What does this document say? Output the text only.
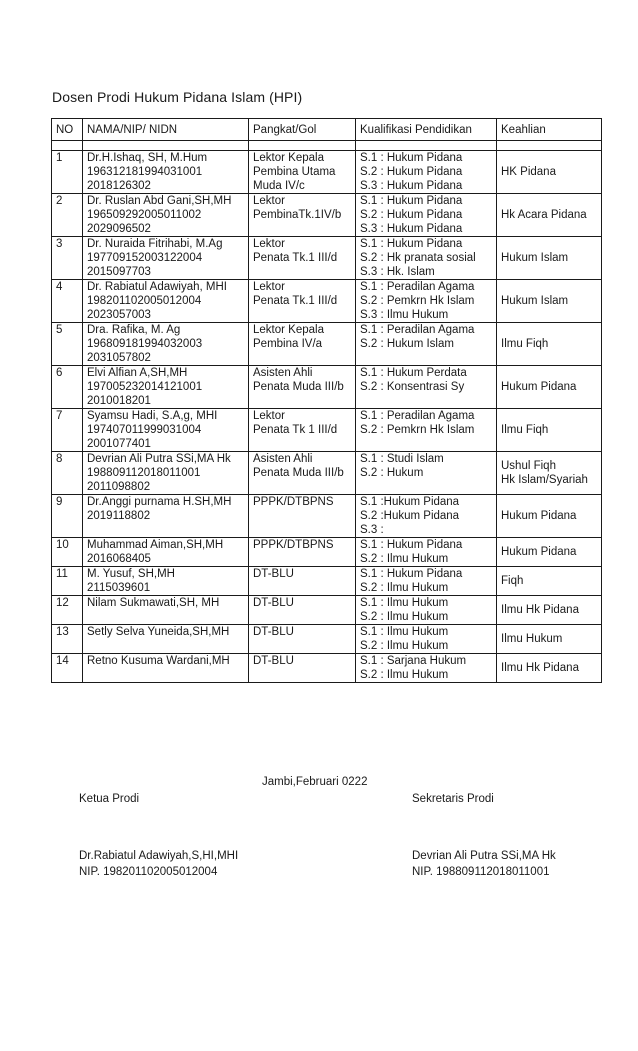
Dosen Prodi Hukum Pidana Islam (HPI)
NO	NAMA/NIP/ NIDN	Pangkat/Gol	Kualifikasi Pendidikan	Keahlian

1	Dr.H.Ishaq, SH, M.Hum
196312181994031001
2018126302	Lektor Kepala
Pembina Utama
Muda IV/c	S.1 : Hukum Pidana
S.2 : Hukum Pidana
S.3 : Hukum Pidana	HK Pidana

2	Dr. Ruslan Abd Gani,SH,MH
196509292005011002
2029096502	Lektor
PembinaTk.1IV/b	S.1 : Hukum Pidana
S.2 : Hukum Pidana
S.3 : Hukum Pidana	Hk Acara Pidana

3	Dr. Nuraida Fitrihabi, M.Ag
197709152003122004
2015097703	Lektor
Penata Tk.1 III/d	S.1 : Hukum Pidana
S.2 : Hk pranata sosial
S.3 : Hk. Islam	Hukum Islam

4	Dr. Rabiatul Adawiyah, MHI
198201102005012004
2023057003	Lektor
Penata Tk.1 III/d	S.1 : Peradilan Agama
S.2 : Pemkrn Hk Islam
S.3 : Ilmu Hukum	Hukum Islam

5	Dra. Rafika, M. Ag
196809181994032003
2031057802	Lektor Kepala
Pembina IV/a	S.1 : Peradilan Agama
S.2 : Hukum Islam	Ilmu Fiqh

6	Elvi Alfian A,SH,MH
197005232014121001
2010018201	Asisten Ahli
Penata Muda III/b	S.1 : Hukum Perdata
S.2 : Konsentrasi Sy	Hukum Pidana

7	Syamsu Hadi, S.A,g, MHI
197407011999031004
2001077401	Lektor
Penata Tk 1 III/d	S.1 : Peradilan Agama
S.2 : Pemkrn Hk Islam	Ilmu Fiqh

8	Devrian Ali Putra SSi,MA Hk
198809112018011001
2011098802	Asisten Ahli
Penata Muda III/b	S.1 : Studi Islam
S.2 : Hukum	Ushul Fiqh
Hk Islam/Syariah

9	Dr.Anggi purnama H.SH,MH
2019118802	PPPK/DTBPNS	S.1 :Hukum Pidana
S.2 :Hukum Pidana
S.3 :	Hukum Pidana

10	Muhammad Aiman,SH,MH
2016068405	PPPK/DTBPNS	S.1 : Hukum Pidana
S.2 : Ilmu Hukum	Hukum Pidana

11	M. Yusuf, SH,MH
2115039601	DT-BLU	S.1 : Hukum Pidana
S.2 : Ilmu Hukum	Fiqh

12	Nilam Sukmawati,SH, MH	DT-BLU	S.1 : Ilmu Hukum
S.2 : Ilmu Hukum	Ilmu Hk Pidana

13	Setly Selva Yuneida,SH,MH	DT-BLU	S.1 : Ilmu Hukum
S.2 : Ilmu Hukum	Ilmu Hukum

14	Retno Kusuma Wardani,MH	DT-BLU	S.1 : Sarjana Hukum
S.2 : Ilmu Hukum	Ilmu Hk Pidana
Jambi,Februari 0222
Ketua Prodi	Sekretaris Prodi
Dr.Rabiatul Adawiyah,S,HI,MHI
NIP. 198201102005012004
Devrian Ali Putra SSi,MA Hk
NIP. 198809112018011001
